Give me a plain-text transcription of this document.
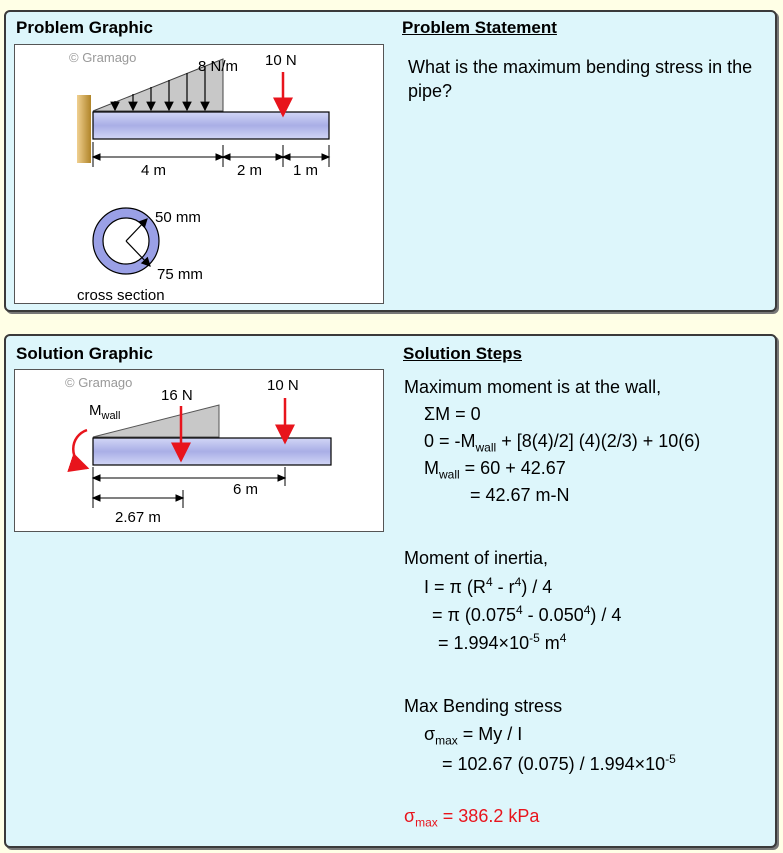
Problem Graphic	Problem Statement
What is the maximum bending stress in the pipe?
© Gramago
8 N/m 10 N
4 m	2 m 1 m
50 mm
75 mm
cross section
Solution Graphic	Solution Steps
© Gramago
16 N
10 N
$M_{wall}$
6 m
2.67 m
Maximum moment is at the wall,
ΣM = 0
$0 = -M_{wall} + [8(4)/2] (4)(2/3) + 10(6)$
$M_{wall} = 60 + 42.67$
= 42.67 m-N
Moment of inertia,
I = π $(R^4 - r^4) / 4$
= π (0.075$^4$ - 0.050$^4$) / 4
= $1.994\times 10^{-5}$ $m^4$
Max Bending stress
$\sigma_{max} = My / I$
= 102.67 $(0.075) / 1.994\times 10^{-5}$
$\sigma_{max} = 386.2$ kPa
